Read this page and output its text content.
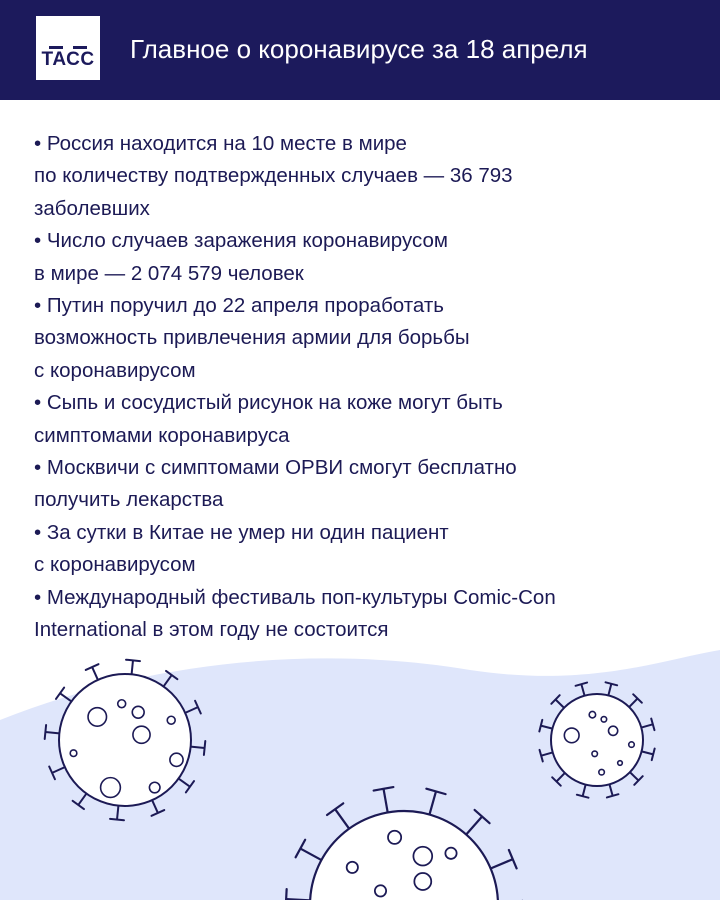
ТАСС Главное о коронавирусе за 18 апреля
• Россия находится на 10 месте в мире
по количеству подтвержденных случаев — 36 793
заболевших
• Число случаев заражения коронавирусом
в мире — 2 074 579 человек
• Путин поручил до 22 апреля проработать
возможность привлечения армии для борьбы
с коронавирусом
• Сыпь и сосудистый рисунок на коже могут быть
симптомами коронавируса
• Москвичи с симптомами ОРВИ смогут бесплатно
получить лекарства
• За сутки в Китае не умер ни один пациент
с коронавирусом
• Международный фестиваль поп-культуры Comic-Con
International в этом году не состоится
